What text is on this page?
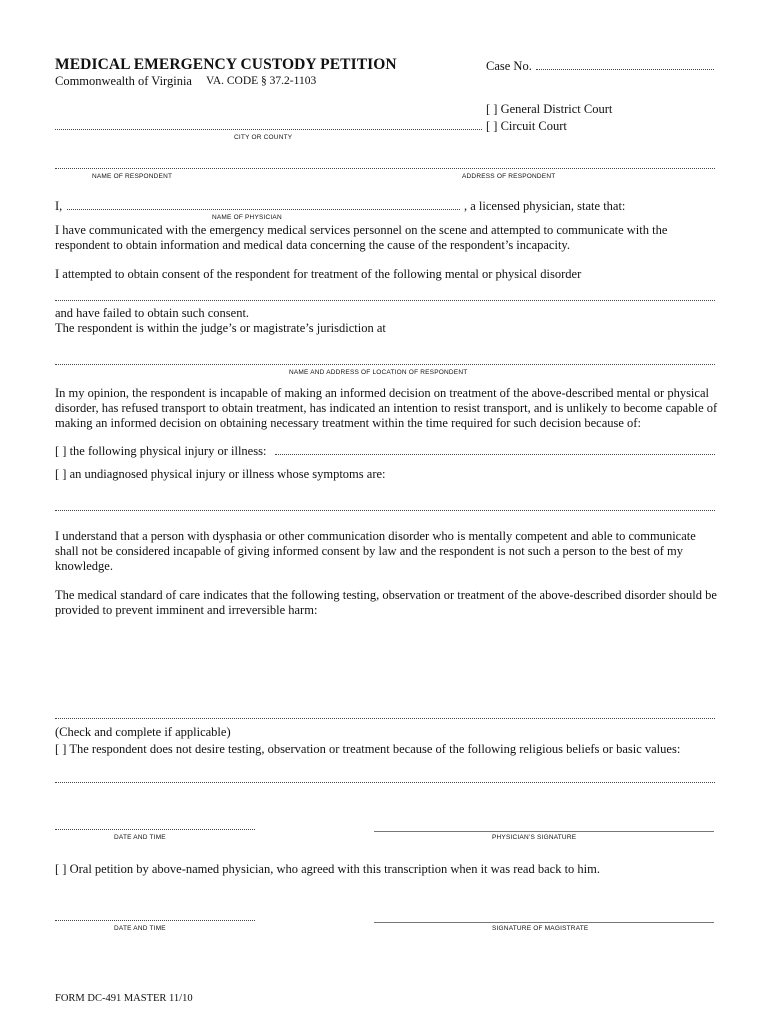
MEDICAL EMERGENCY CUSTODY PETITION
Commonwealth of Virginia VA. CODE § 37.2-1103
Case No.
[ ] General District Court
[ ] Circuit Court
CITY OR COUNTY
NAME OF RESPONDENT	ADDRESS OF RESPONDENT
I,	, a licensed physician, state that:
NAME OF PHYSICIAN
I have communicated with the emergency medical services personnel on the scene and attempted to communicate with the respondent to obtain information and medical data concerning the cause of the respondent’s incapacity.
I attempted to obtain consent of the respondent for treatment of the following mental or physical disorder
and have failed to obtain such consent.
The respondent is within the judge’s or magistrate’s jurisdiction at
NAME AND ADDRESS OF LOCATION OF RESPONDENT
In my opinion, the respondent is incapable of making an informed decision on treatment of the above-described mental or physical disorder, has refused transport to obtain treatment, has indicated an intention to resist transport, and is unlikely to become capable of making an informed decision on obtaining necessary treatment within the time required for such decision because of:
[ ] the following physical injury or illness:
[ ] an undiagnosed physical injury or illness whose symptoms are:
I understand that a person with dysphasia or other communication disorder who is mentally competent and able to communicate shall not be considered incapable of giving informed consent by law and the respondent is not such a person to the best of my knowledge.
The medical standard of care indicates that the following testing, observation or treatment of the above-described disorder should be provided to prevent imminent and irreversible harm:
(Check and complete if applicable)
[ ] The respondent does not desire testing, observation or treatment because of the following religious beliefs or basic values:
DATE AND TIME	PHYSICIAN’S SIGNATURE
[ ] Oral petition by above-named physician, who agreed with this transcription when it was read back to him.
DATE AND TIME	SIGNATURE OF MAGISTRATE
FORM DC-491 MASTER 11/10
